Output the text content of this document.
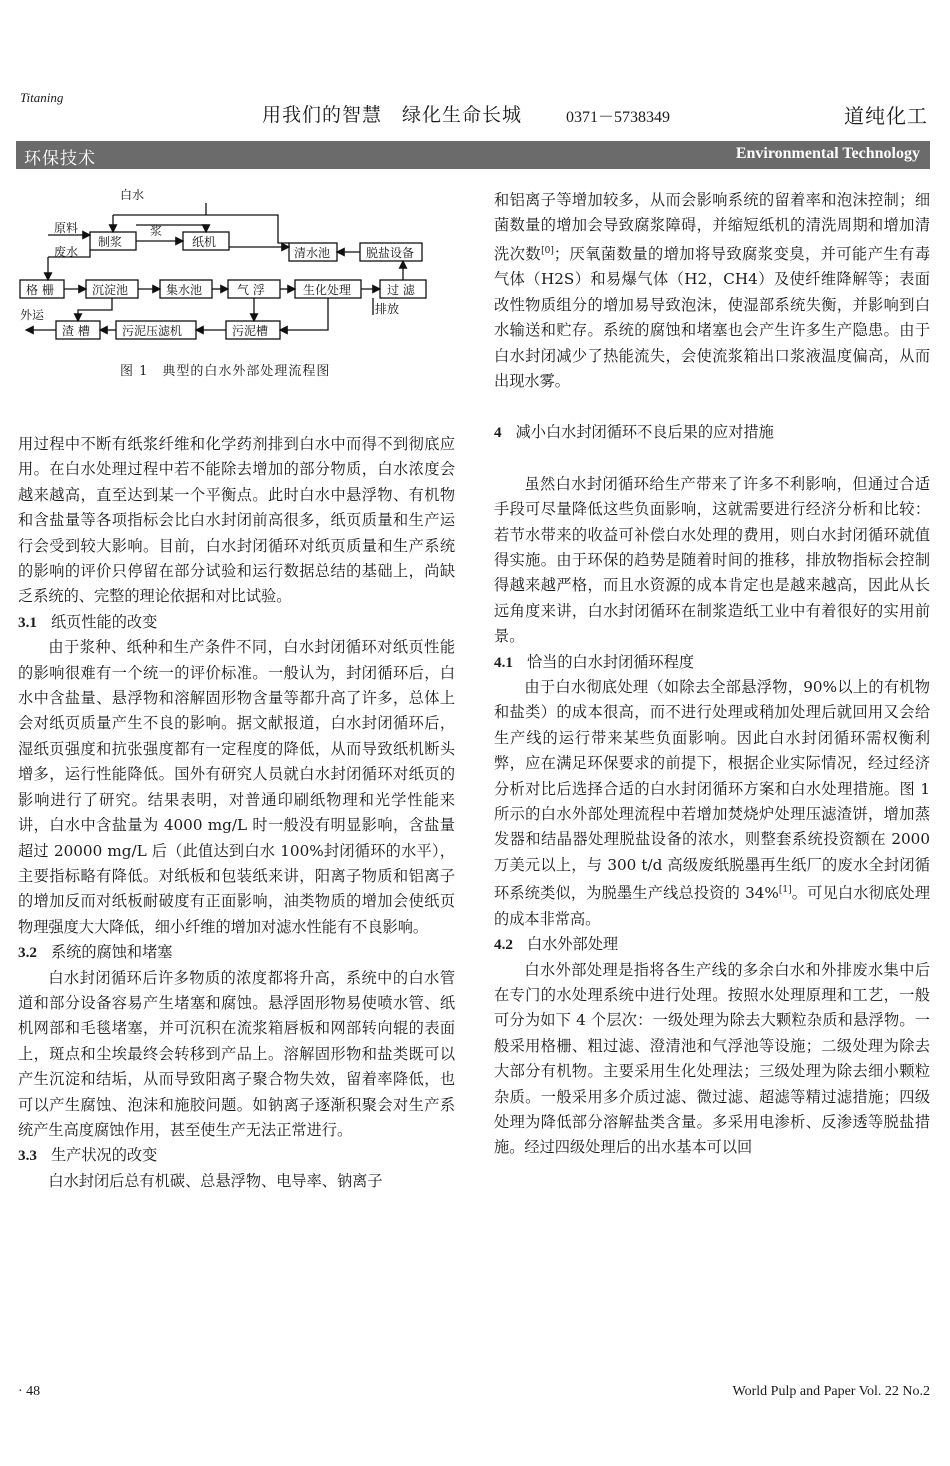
Titaning
用我们的智慧　绿化生命长城	0371－5738349	道纯化工
环保技术	Environmental Technology
白水
原料
废水
制浆
浆
纸机
清水池	脱盐设备
格 栅	沉淀池	集水池	气 浮	生化处理	过 滤
排放
外运
渣 槽	污泥压滤机	污泥槽
图 1　典型的白水外部处理流程图

用过程中不断有纸浆纤维和化学药剂排到白水中而得不到彻底应用。在白水处理过程中若不能除去增加的部分物质，白水浓度会越来越高，直至达到某一个平衡点。此时白水中悬浮物、有机物和含盐量等各项指标会比白水封闭前高很多，纸页质量和生产运行会受到较大影响。目前，白水封闭循环对纸页质量和生产系统的影响的评价只停留在部分试验和运行数据总结的基础上，尚缺乏系统的、完整的理论依据和对比试验。

3.1 纸页性能的改变

由于浆种、纸种和生产条件不同，白水封闭循环对纸页性能的影响很难有一个统一的评价标准。一般认为，封闭循环后，白水中含盐量、悬浮物和溶解固形物含量等都升高了许多，总体上会对纸页质量产生不良的影响。据文献报道，白水封闭循环后，湿纸页强度和抗张强度都有一定程度的降低，从而导致纸机断头增多，运行性能降低。国外有研究人员就白水封闭循环对纸页的影响进行了研究。结果表明，对普通印刷纸物理和光学性能来讲，白水中含盐量为 4000 mg/L 时一般没有明显影响，含盐量超过 20000 mg/L 后（此值达到白水 100%封闭循环的水平），主要指标略有降低。对纸板和包装纸来讲，阳离子物质和铝离子的增加反而对纸板耐破度有正面影响，油类物质的增加会使纸页物理强度大大降低，细小纤维的增加对滤水性能有不良影响。

3.2 系统的腐蚀和堵塞

白水封闭循环后许多物质的浓度都将升高，系统中的白水管道和部分设备容易产生堵塞和腐蚀。悬浮固形物易使喷水管、纸机网部和毛毯堵塞，并可沉积在流浆箱唇板和网部转向辊的表面上，斑点和尘埃最终会转移到产品上。溶解固形物和盐类既可以产生沉淀和结垢，从而导致阳离子聚合物失效，留着率降低，也可以产生腐蚀、泡沫和施胶问题。如钠离子逐渐积聚会对生产系统产生高度腐蚀作用，甚至使生产无法正常进行。

3.3 生产状况的改变

白水封闭后总有机碳、总悬浮物、电导率、钠离子

和铝离子等增加较多，从而会影响系统的留着率和泡沫控制；细菌数量的增加会导致腐浆障碍，并缩短纸机的清洗周期和增加清洗次数[0]；厌氧菌数量的增加将导致腐浆变臭，并可能产生有毒气体（H2S）和易爆气体（H2，CH4）及使纤维降解等；表面改性物质组分的增加易导致泡沫，使湿部系统失衡，并影响到白水输送和贮存。系统的腐蚀和堵塞也会产生许多生产隐患。由于白水封闭减少了热能流失，会使流浆箱出口浆液温度偏高，从而出现水雾。

4 减小白水封闭循环不良后果的应对措施

虽然白水封闭循环给生产带来了许多不利影响，但通过合适手段可尽量降低这些负面影响，这就需要进行经济分析和比较：若节水带来的收益可补偿白水处理的费用，则白水封闭循环就值得实施。由于环保的趋势是随着时间的推移，排放物指标会控制得越来越严格，而且水资源的成本肯定也是越来越高，因此从长远角度来讲，白水封闭循环在制浆造纸工业中有着很好的实用前景。

4.1 恰当的白水封闭循环程度

由于白水彻底处理（如除去全部悬浮物，90%以上的有机物和盐类）的成本很高，而不进行处理或稍加处理后就回用又会给生产线的运行带来某些负面影响。因此白水封闭循环需权衡利弊，应在满足环保要求的前提下，根据企业实际情况，经过经济分析对比后选择合适的白水封闭循环方案和白水处理措施。图 1 所示的白水外部处理流程中若增加焚烧炉处理压滤渣饼，增加蒸发器和结晶器处理脱盐设备的浓水，则整套系统投资额在 2000 万美元以上，与 300 t/d 高级废纸脱墨再生纸厂的废水全封闭循环系统类似，为脱墨生产线总投资的 34%[1]。可见白水彻底处理的成本非常高。

4.2 白水外部处理

白水外部处理是指将各生产线的多余白水和外排废水集中后在专门的水处理系统中进行处理。按照水处理原理和工艺，一般可分为如下 4 个层次：一级处理为除去大颗粒杂质和悬浮物。一般采用格栅、粗过滤、澄清池和气浮池等设施；二级处理为除去大部分有机物。主要采用生化处理法；三级处理为除去细小颗粒杂质。一般采用多介质过滤、微过滤、超滤等精过滤措施；四级处理为降低部分溶解盐类含量。多采用电渗析、反渗透等脱盐措施。经过四级处理后的出水基本可以回

· 48	World Pulp and Paper Vol. 22 No.2
